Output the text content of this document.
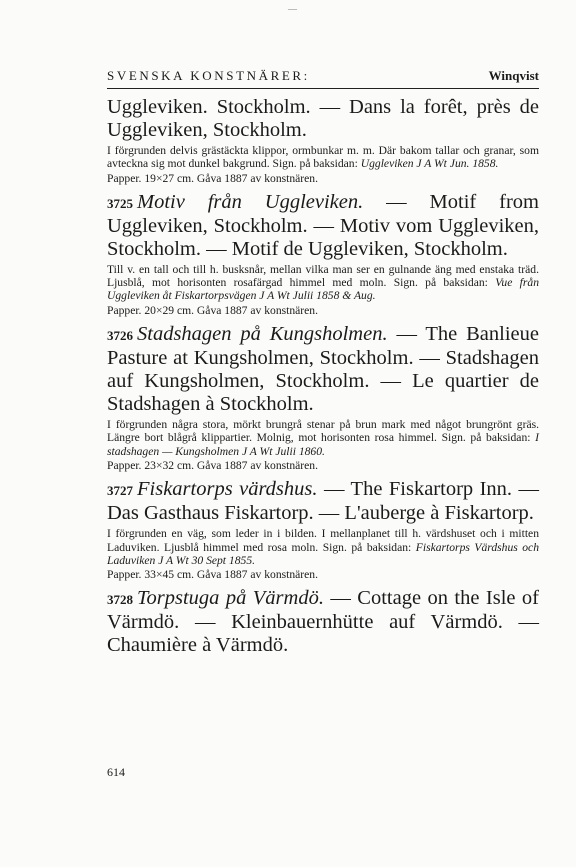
—
SVENSKA KONSTNÄRER:	Winqvist

Uggleviken. Stockholm. — Dans la forêt, près de Uggleviken, Stockholm.

I förgrunden delvis grästäckta klippor, ormbunkar m. m. Där bakom tallar och granar, som avteckna sig mot dunkel bakgrund. Sign. på baksidan: Uggleviken J A Wt Jun. 1858.

Papper. 19×27 cm. Gåva 1887 av konstnären.

3725 Motiv från Uggleviken. — Motif from Uggleviken, Stockholm. — Motiv vom Uggleviken, Stockholm. — Motif de Uggleviken, Stockholm.

Till v. en tall och till h. busksnår, mellan vilka man ser en gulnande äng med enstaka träd. Ljusblå, mot horisonten rosafärgad himmel med moln. Sign. på baksidan: Vue från Uggleviken åt Fiskartorpsvägen J A Wt Julii 1858 & Aug.

Papper. 20×29 cm. Gåva 1887 av konstnären.

3726 Stadshagen på Kungsholmen. — The Banlieue Pasture at Kungsholmen, Stockholm. — Stadshagen auf Kungsholmen, Stockholm. — Le quartier de Stadshagen à Stockholm.

I förgrunden några stora, mörkt brungrå stenar på brun mark med något brungrönt gräs. Längre bort blågrå klippartier. Molnig, mot horisonten rosa himmel. Sign. på baksidan: I stadshagen — Kungsholmen J A Wt Julii 1860.

Papper. 23×32 cm. Gåva 1887 av konstnären.

3727 Fiskartorps värdshus. — The Fiskartorp Inn. — Das Gasthaus Fiskartorp. — L'auberge à Fiskartorp.

I förgrunden en väg, som leder in i bilden. I mellanplanet till h. värdshuset och i mitten Laduviken. Ljusblå himmel med rosa moln. Sign. på baksidan: Fiskartorps Värdshus och Laduviken J A Wt 30 Sept 1855.

Papper. 33×45 cm. Gåva 1887 av konstnären.

3728 Torpstuga på Värmdö. — Cottage on the Isle of Värmdö. — Kleinbauernhütte auf Värmdö. — Chaumière à Värmdö.

614
